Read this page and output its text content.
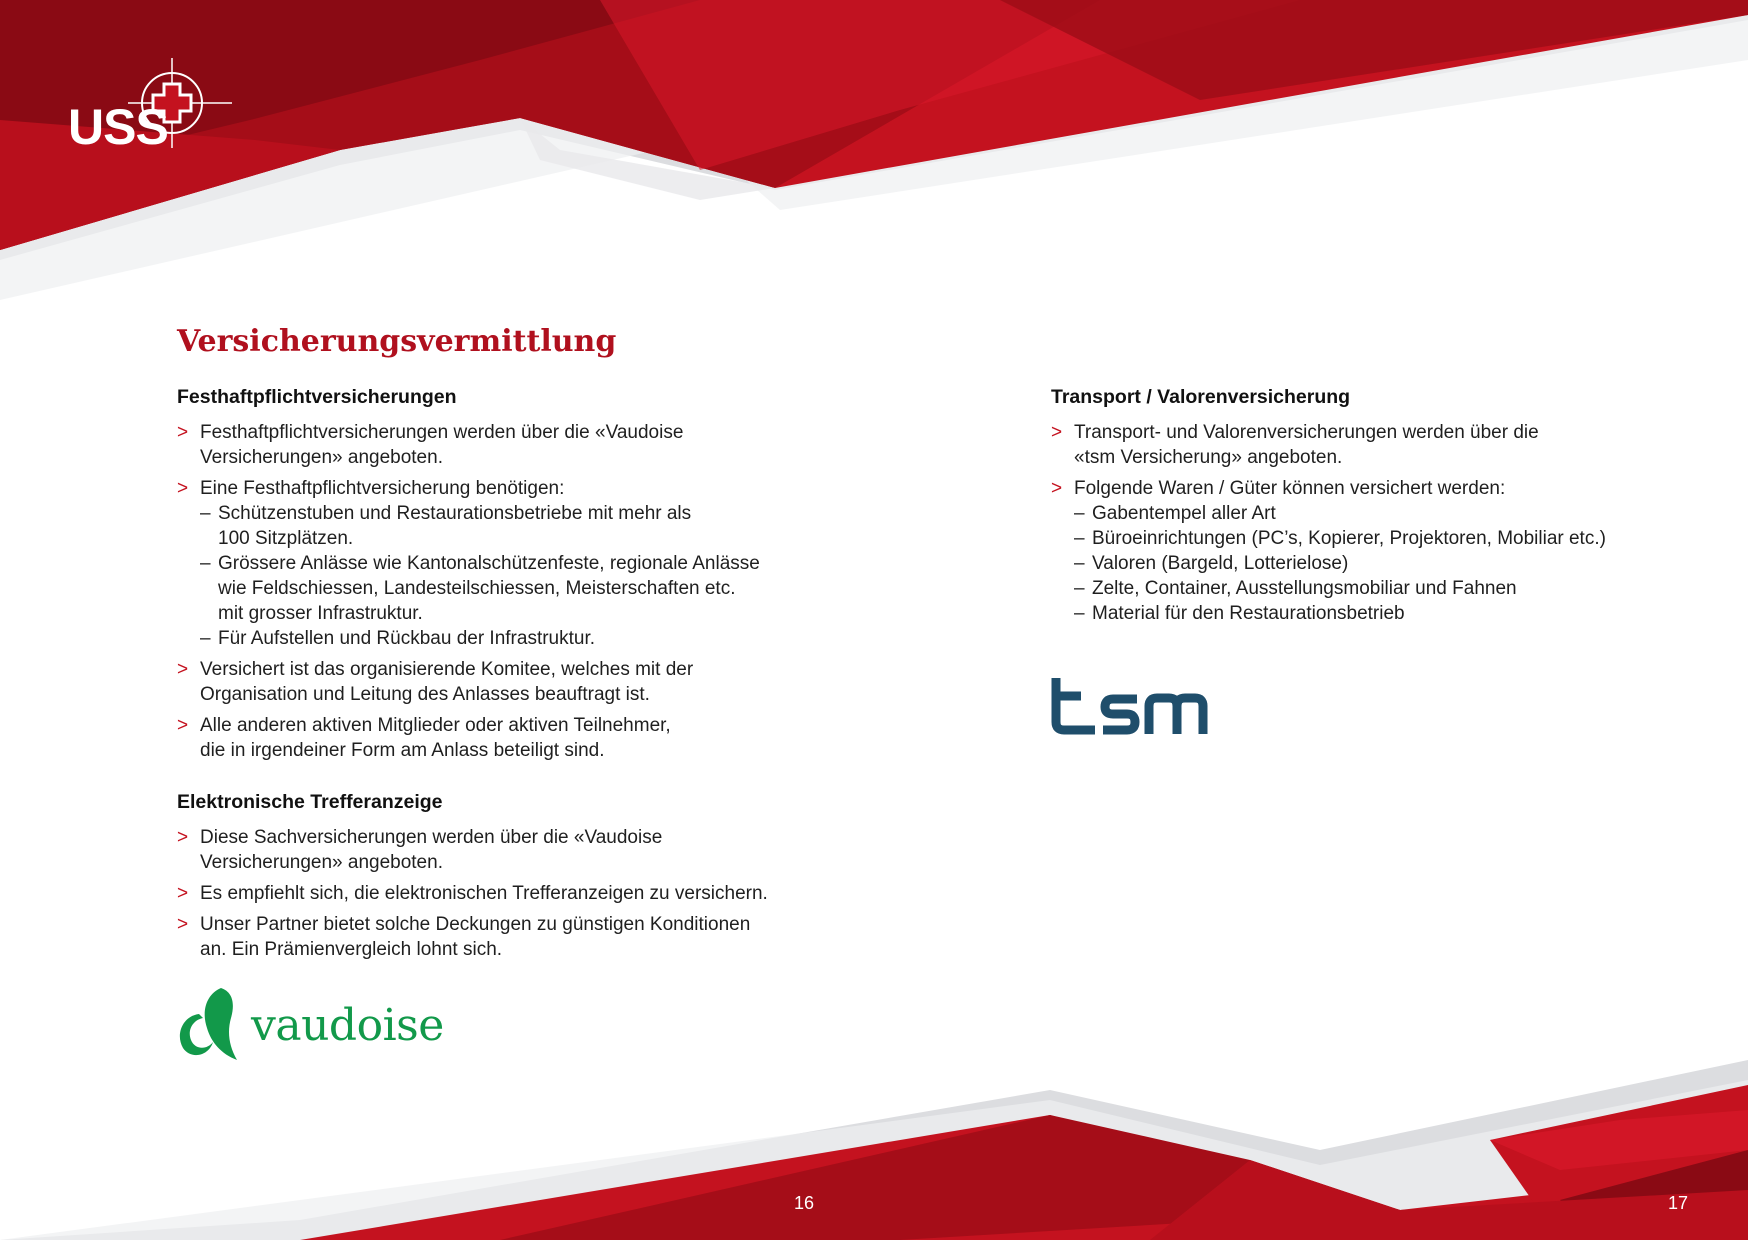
USS
Versicherungsvermittlung
Festhaftpflichtversicherungen
> Festhaftpflichtversicherungen werden über die «Vaudoise
Versicherungen» angeboten.
> Eine Festhaftpflichtversicherung benötigen:
– Schützenstuben und Restaurationsbetriebe mit mehr als
100 Sitzplätzen.
– Grössere Anlässe wie Kantonalschützenfeste, regionale Anlässe
wie Feldschiessen, Landesteilschiessen, Meisterschaften etc.
mit grosser Infrastruktur.
– Für Aufstellen und Rückbau der Infrastruktur.
> Versichert ist das organisierende Komitee, welches mit der
Organisation und Leitung des Anlasses beauftragt ist.
> Alle anderen aktiven Mitglieder oder aktiven Teilnehmer,
die in irgendeiner Form am Anlass beteiligt sind.
Elektronische Trefferanzeige
> Diese Sachversicherungen werden über die «Vaudoise
Versicherungen» angeboten.
> Es empfiehlt sich, die elektronischen Trefferanzeigen zu versichern.
> Unser Partner bietet solche Deckungen zu günstigen Konditionen
an. Ein Prämienvergleich lohnt sich.
Transport / Valorenversicherung
> Transport- und Valorenversicherungen werden über die
«tsm Versicherung» angeboten.
> Folgende Waren / Güter können versichert werden:
– Gabentempel aller Art
– Büroeinrichtungen (PC’s, Kopierer, Projektoren, Mobiliar etc.)
– Valoren (Bargeld, Lotterielose)
– Zelte, Container, Ausstellungsmobiliar und Fahnen
– Material für den Restaurationsbetrieb
vaudoise
16	17
